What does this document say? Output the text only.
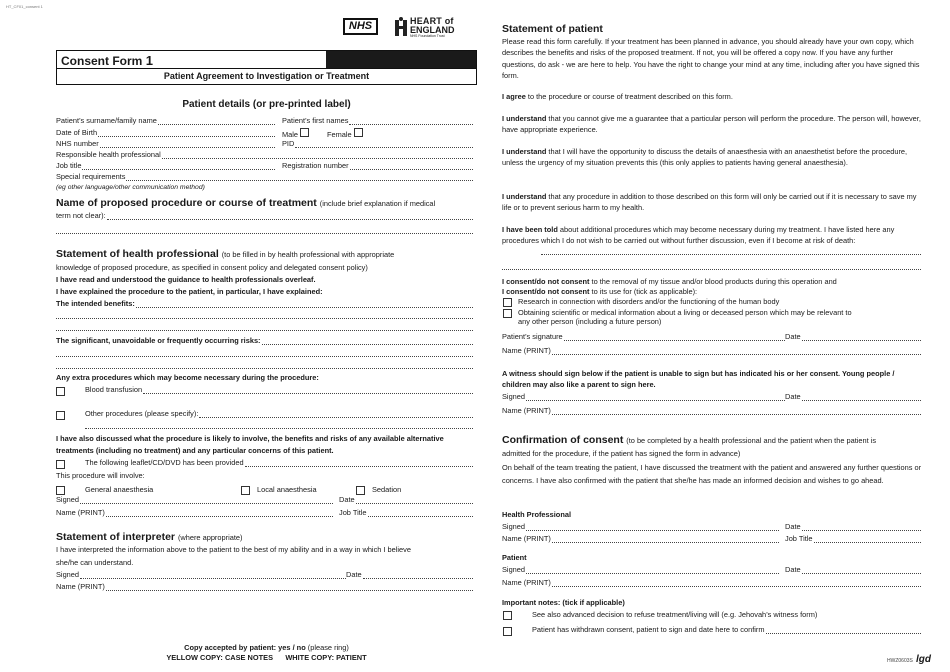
HT_CF01_consent 1
NHS	HEART of
ENGLAND
NHS Foundation Trust
Consent Form 1
Patient Agreement to Investigation or Treatment
Patient details (or pre-printed label)
Patient’s surname/family name	Patient’s first names
Date of Birth	Male	Female
NHS number	PID
Responsible health professional
Job title	Registration number
Special requirements
(eg other language/other communication method)
Name of proposed procedure or course of treatment (include brief explanation if medical
term not clear):
Statement of health professional (to be filled in by health professional with appropriate
knowledge of proposed procedure, as specified in consent policy and delegated consent policy)
I have read and understood the guidance to health professionals overleaf.
I have explained the procedure to the patient, in particular, I have explained:
The intended benefits:
The significant, unavoidable or frequently occurring risks:
Any extra procedures which may become necessary during the procedure:
Blood transfusion
Other procedures (please specify):
I have also discussed what the procedure is likely to involve, the benefits and risks of any available alternative
treatments (including no treatment) and any particular concerns of this patient.
The following leaflet/CD/DVD has been provided
This procedure will involve:
General anaesthesia	Local anaesthesia	Sedation
Signed	Date
Name (PRINT)	Job Title
Statement of interpreter (where appropriate)
I have interpreted the information above to the patient to the best of my ability and in a way in which I believe
she/he can understand.
Signed	Date
Name (PRINT)
Copy accepted by patient: yes / no (please ring)
YELLOW COPY: CASE NOTES      WHITE COPY: PATIENT
Statement of patient
Please read this form carefully. If your treatment has been planned in advance, you should already have your own copy, which describes the benefits and risks of the proposed treatment. If not, you will be offered a copy now. If you have any further questions, do ask - we are here to help. You have the right to change your mind at any time, including after you have signed this form.
I agree to the procedure or course of treatment described on this form.
I understand that you cannot give me a guarantee that a particular person will perform the procedure. The person will, however, have appropriate experience.
I understand that I will have the opportunity to discuss the details of anaesthesia with an anaesthetist before the procedure, unless the urgency of my situation prevents this (this only applies to patients having general anaesthesia).
I understand that any procedure in addition to those described on this form will only be carried out if it is necessary to save my life or to prevent serious harm to my health.
I have been told about additional procedures which may become necessary during my treatment. I have listed here any procedures which I do not wish to be carried out without further discussion, even if I become at risk of death:
I consent/do not consent to the removal of my tissue and/or blood products during this operation and
I consent/do not consent to its use for (tick as applicable):
Research in connection with disorders and/or the functioning of the human body
Obtaining scientific or medical information about a living or deceased person which may be relevant to
any other person (including a future person)
Patient’s signature	Date
Name (PRINT)
A witness should sign below if the patient is unable to sign but has indicated his or her consent. Young people / children may also like a parent to sign here.
Signed	Date
Name (PRINT)
Confirmation of consent (to be completed by a health professional and the patient when the patient is
admitted for the procedure, if the patient has signed the form in advance)
On behalf of the team treating the patient, I have discussed the treatment with the patient and answered any further questions or concerns. I have also confirmed with the patient that she/he has made an informed decision and wishes to go ahead.
Health Professional
Signed	Date
Name (PRINT)	Job Title
Patient
Signed	Date
Name (PRINT)
Important notes: (tick if applicable)
See also advanced decision to refuse treatment/living will (e.g. Jehovah’s witness form)
Patient has withdrawn consent, patient to sign and date here to confirm
HWZ0603S lgd
